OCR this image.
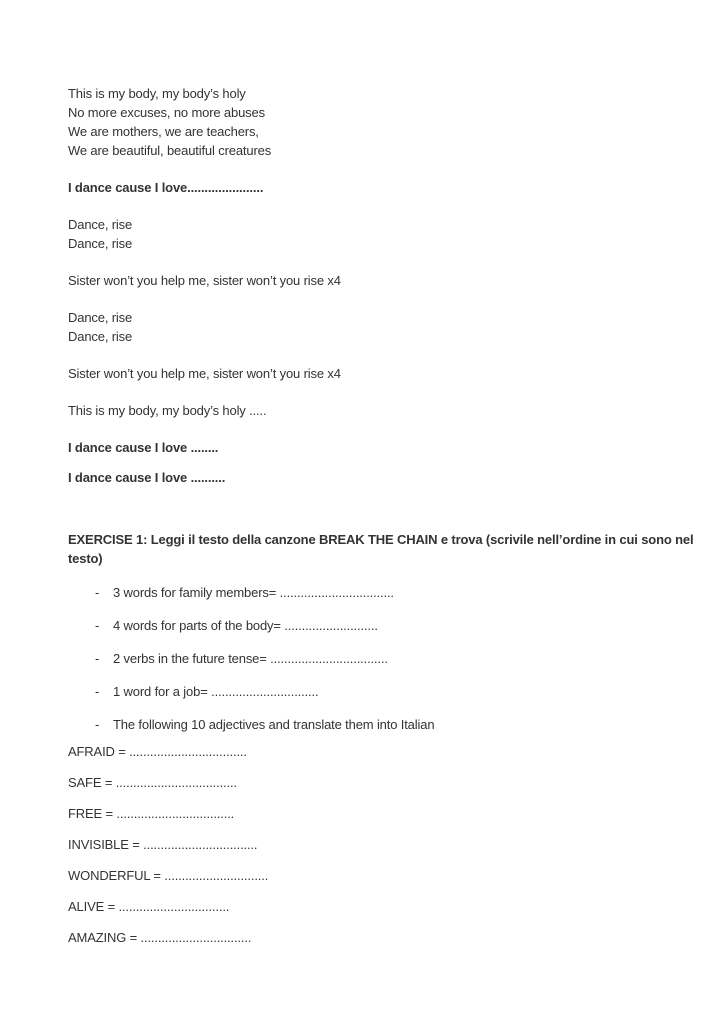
This is my body, my body’s holy

No more excuses, no more abuses

We are mothers, we are teachers,

We are beautiful, beautiful creatures

I dance cause I love......................

Dance, rise

Dance, rise

Sister won’t you help me, sister won’t you rise x4

Dance, rise

Dance, rise

Sister won’t you help me, sister won’t you rise x4

This is my body, my body’s holy .....

I dance cause I love ........

I dance cause I love ..........

EXERCISE 1: Leggi il testo della canzone BREAK THE CHAIN e trova (scrivile nell’ordine in cui sono nel

testo)

-	3 words for family members= .................................
-	4 words for parts of the body= ...........................
-	2 verbs in the future tense= ..................................
-	1 word for a job= ...............................
-	The following 10 adjectives and translate them into Italian

AFRAID = ..................................

SAFE = ...................................

FREE = ..................................

INVISIBLE = .................................

WONDERFUL = ..............................

ALIVE = ................................

AMAZING = ................................
